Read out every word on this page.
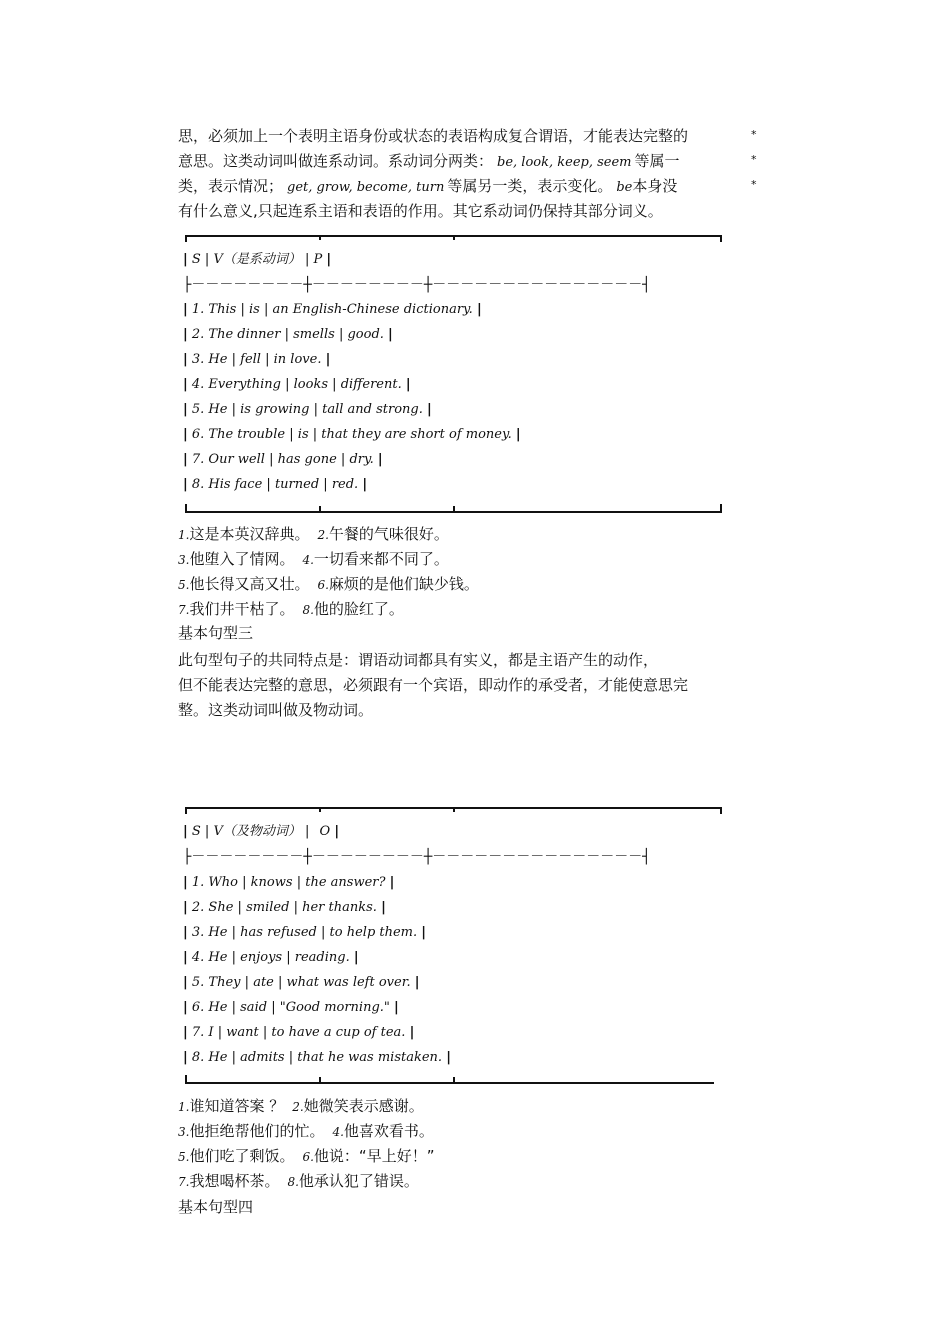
思，必须加上一个表明主语身份或状态的表语构成复合谓语，才能表达完整的	*
意思。这类动词叫做连系动词。系动词分两类： be, look, keep, seem 等属一	*
类，表示情况； get, grow, become, turn 等属另一类，表示变化。 be本身没	*
有什么意义,只起连系主语和表语的作用。其它系动词仍保持其部分词义。
| S | V（是系动词） | P |
├－－－－－－－－┼－－－－－－－－┼－－－－－－－－－－－－－－－┤
| 1. This | is | an English-Chinese dictionary. |
| 2. The dinner | smells | good. |
| 3. He | fell | in love. |
| 4. Everything | looks | different. |
| 5. He | is growing | tall and strong. |
| 6. The trouble | is | that they are short of money. |
| 7. Our well | has gone | dry. |
| 8. His face | turned | red. |
1.这是本英汉辞典。 2.午餐的气味很好。
3.他堕入了情网。 4.一切看来都不同了。
5.他长得又高又壮。 6.麻烦的是他们缺少钱。
7.我们井干枯了。 8.他的脸红了。
基本句型三
此句型句子的共同特点是：谓语动词都具有实义，都是主语产生的动作，
但不能表达完整的意思，必须跟有一个宾语，即动作的承受者，才能使意思完
整。这类动词叫做及物动词。
| S | V（及物动词） | O |
├－－－－－－－－┼－－－－－－－－┼－－－－－－－－－－－－－－－┤
| 1. Who | knows | the answer? |
| 2. She | smiled | her thanks. |
| 3. He | has refused | to help them. |
| 4. He | enjoys | reading. |
| 5. They | ate | what was left over. |
| 6. He | said | "Good morning." |
| 7. I | want | to have a cup of tea. |
| 8. He | admits | that he was mistaken. |
1.谁知道答案 ？ 2.她微笑表示感谢。
3.他拒绝帮他们的忙。 4.他喜欢看书。
5.他们吃了剩饭。 6.他说：“早上好！”
7.我想喝杯茶。 8.他承认犯了错误。
基本句型四
